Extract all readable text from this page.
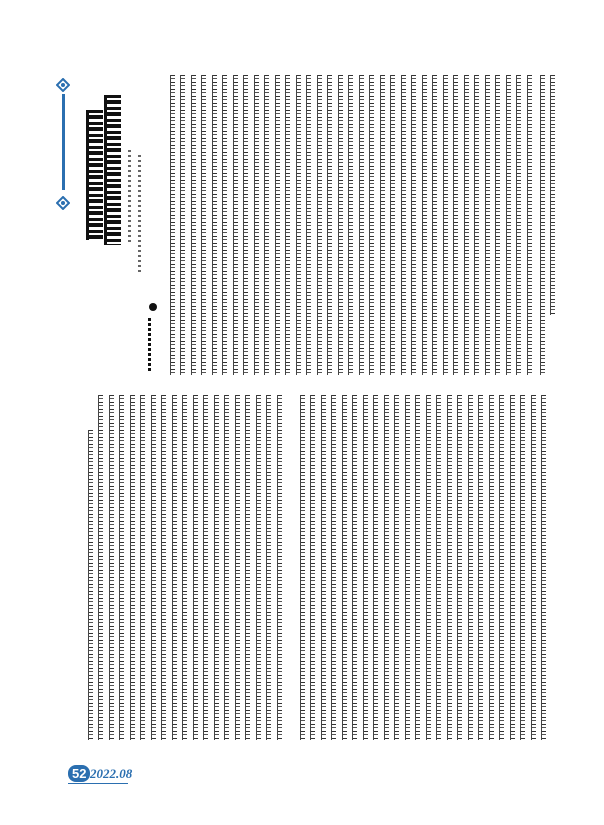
52 2022.08
